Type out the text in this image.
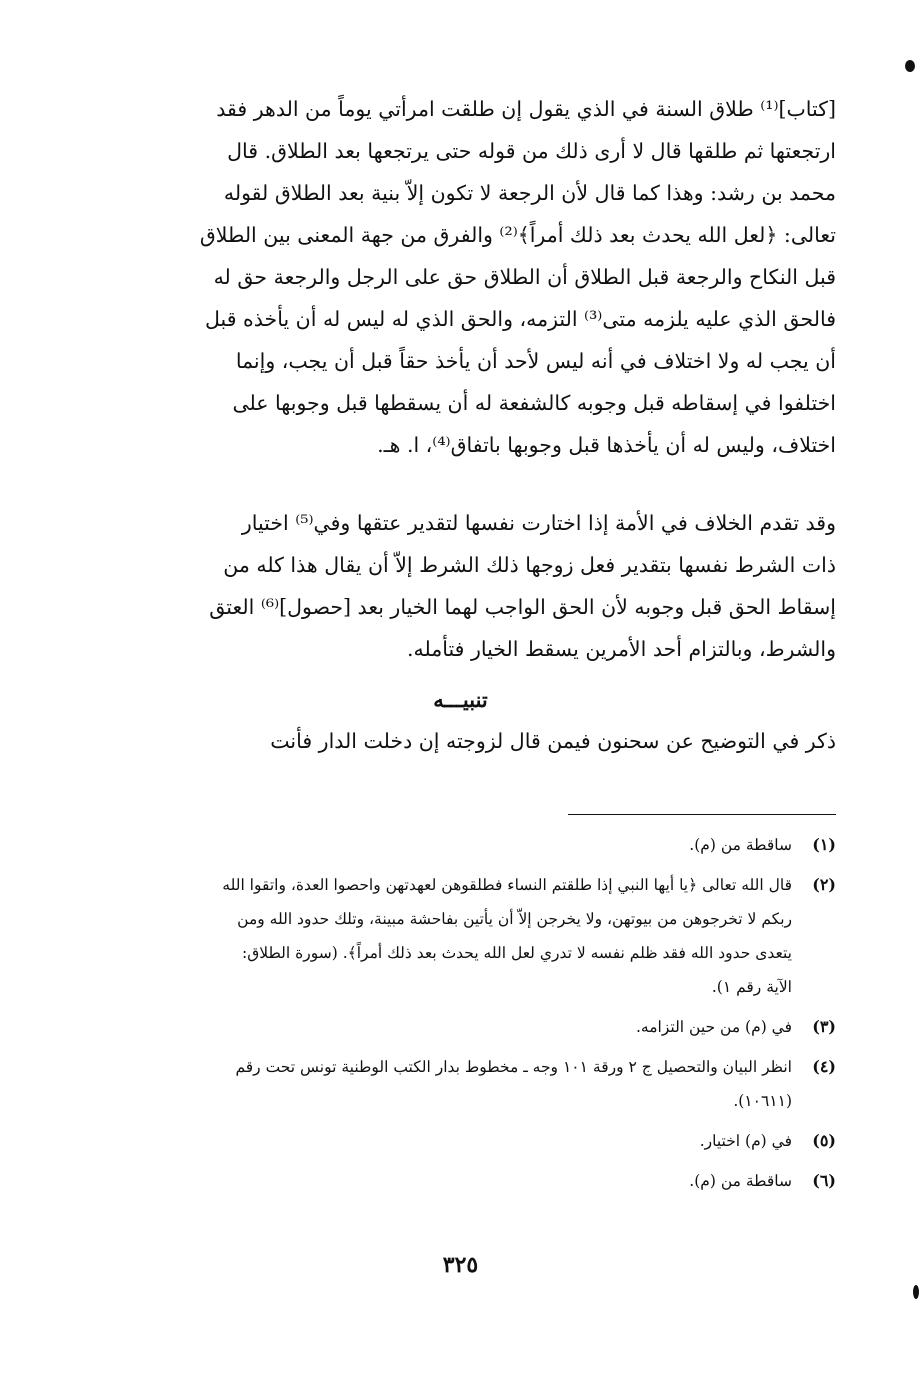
[كتاب]⁽¹⁾ طلاق السنة في الذي يقول إن طلقت امرأتي يوماً من الدهر فقد
ارتجعتها ثم طلقها قال لا أرى ذلك من قوله حتى يرتجعها بعد الطلاق. قال
محمد بن رشد: وهذا كما قال لأن الرجعة لا تكون إلاّ بنية بعد الطلاق لقوله
تعالى: ﴿لعل الله يحدث بعد ذلك أمراً﴾⁽²⁾ والفرق من جهة المعنى بين الطلاق
قبل النكاح والرجعة قبل الطلاق أن الطلاق حق على الرجل والرجعة حق له
فالحق الذي عليه يلزمه متى⁽³⁾ التزمه، والحق الذي له ليس له أن يأخذه قبل
أن يجب له ولا اختلاف في أنه ليس لأحد أن يأخذ حقاً قبل أن يجب، وإنما
اختلفوا في إسقاطه قبل وجوبه كالشفعة له أن يسقطها قبل وجوبها على
اختلاف، وليس له أن يأخذها قبل وجوبها باتفاق⁽⁴⁾، ا. هـ.
وقد تقدم الخلاف في الأمة إذا اختارت نفسها لتقدير عتقها وفي⁽⁵⁾ اختيار
ذات الشرط نفسها بتقدير فعل زوجها ذلك الشرط إلاّ أن يقال هذا كله من
إسقاط الحق قبل وجوبه لأن الحق الواجب لهما الخيار بعد [حصول]⁽⁶⁾ العتق
والشرط، وبالتزام أحد الأمرين يسقط الخيار فتأمله.
تنبيـــه
ذكر في التوضيح عن سحنون فيمن قال لزوجته إن دخلت الدار فأنت
(١)
ساقطة من (م).
(٢)
قال الله تعالى ﴿يا أيها النبي إذا طلقتم النساء فطلقوهن لعهدتهن واحصوا العدة، واتقوا الله
ربكم لا تخرجوهن من بيوتهن، ولا يخرجن إلاّ أن يأتين بفاحشة مبينة، وتلك حدود الله ومن
يتعدى حدود الله فقد ظلم نفسه لا تدري لعل الله يحدث بعد ذلك أمراً﴾. (سورة الطلاق:
الآية رقم ١).
(٣)
في (م) من حين التزامه.
(٤)
انظر البيان والتحصيل ج ٢ ورقة ١٠١ وجه ـ مخطوط بدار الكتب الوطنية تونس تحت رقم
(١٠٦١١).
(٥)
في (م) اختيار.
(٦)
ساقطة من (م).
٣٢٥
